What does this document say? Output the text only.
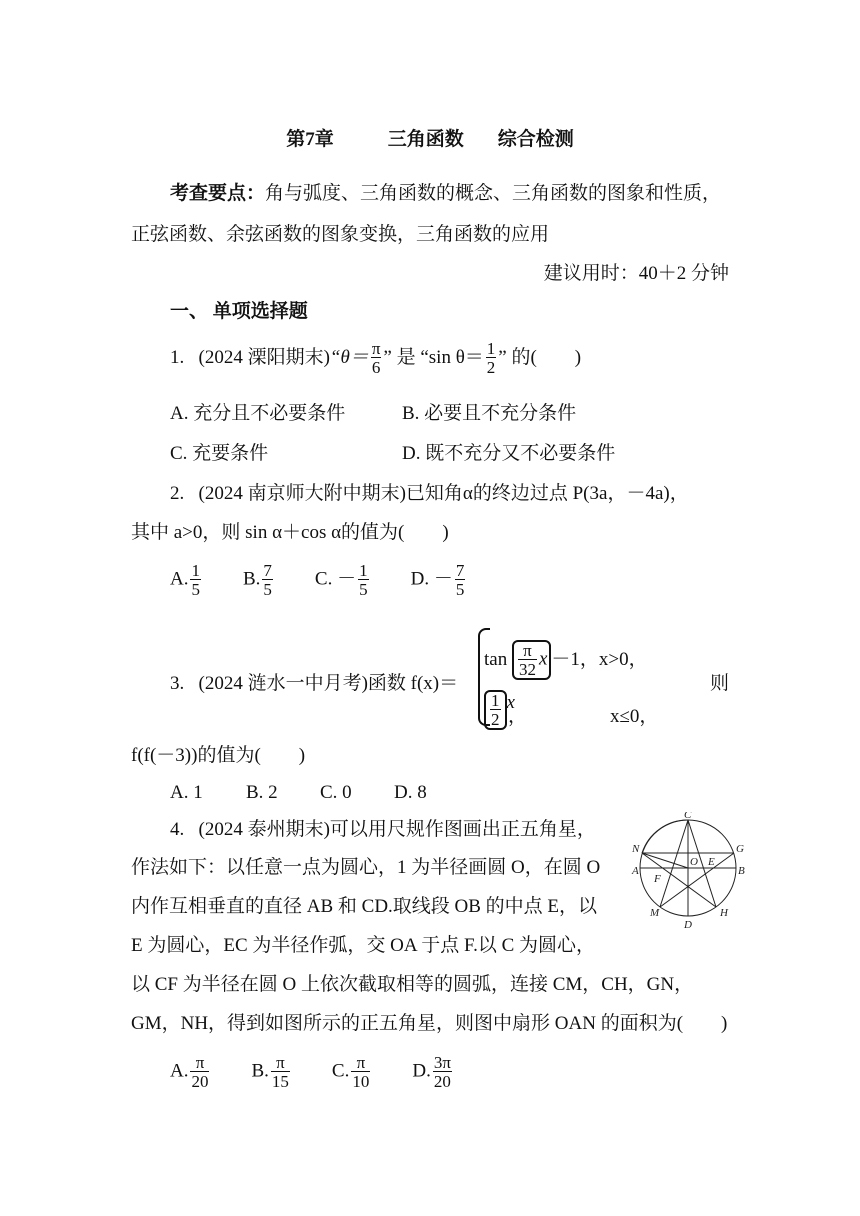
第7章	三角函数 综合检测
考查要点：角与弧度、三角函数的概念、三角函数的图象和性质，
正弦函数、余弦函数的图象变换，三角函数的应用
建议用时：40＋2 分钟
一、 单项选择题
1.
(2024 溧阳期末) “$\theta= \frac{\pi}{6}$ ” 是 “sin $\theta= \frac{1}{2}$ ” 的(　　)
A. 充分且不必要条件	B. 必要且不充分条件
C. 充要条件	D. 既不充分又不必要条件
2. (2024 南京师大附中期末)已知角α的终边过点 P(3a，－4a)，
其中 a>0，则 sin α＋cos α的值为(　　)
A. $\frac{1}{5} B$. $\frac{7}{5} C$. － $\frac{1}{5} D$. － $\frac{7}{5}$
3. (2024 涟水一中月考)函数 f(x)＝
tan
$\frac{\pi}{32}$ x －1，x>0，
$\frac{1}{2}$ x
，	x≤0，
则
f(f(－3))的值为(　　)
A. 1 B. 2 C. 0 D. 8
4. (2024 泰州期末)可以用尺规作图画出正五角星，
作法如下：以任意一点为圆心，1 为半径画圆 O，在圆 O
内作互相垂直的直径 AB 和 CD.取线段 OB 的中点 E，以
E 为圆心，EC 为半径作弧，交 OA 于点 F.以 C 为圆心，
以 CF 为半径在圆 O 上依次截取相等的圆弧，连接 CM，CH，GN，
GM，NH，得到如图所示的正五角星，则图中扇形 OAN 的面积为(　　)
A. $\frac{\pi}{20} B$. $\frac{\pi}{15} C$. $\frac{\pi}{10} D$. $\frac{3\pi}{20}$
C
N	G
A	B
O E
F
M	H
D
